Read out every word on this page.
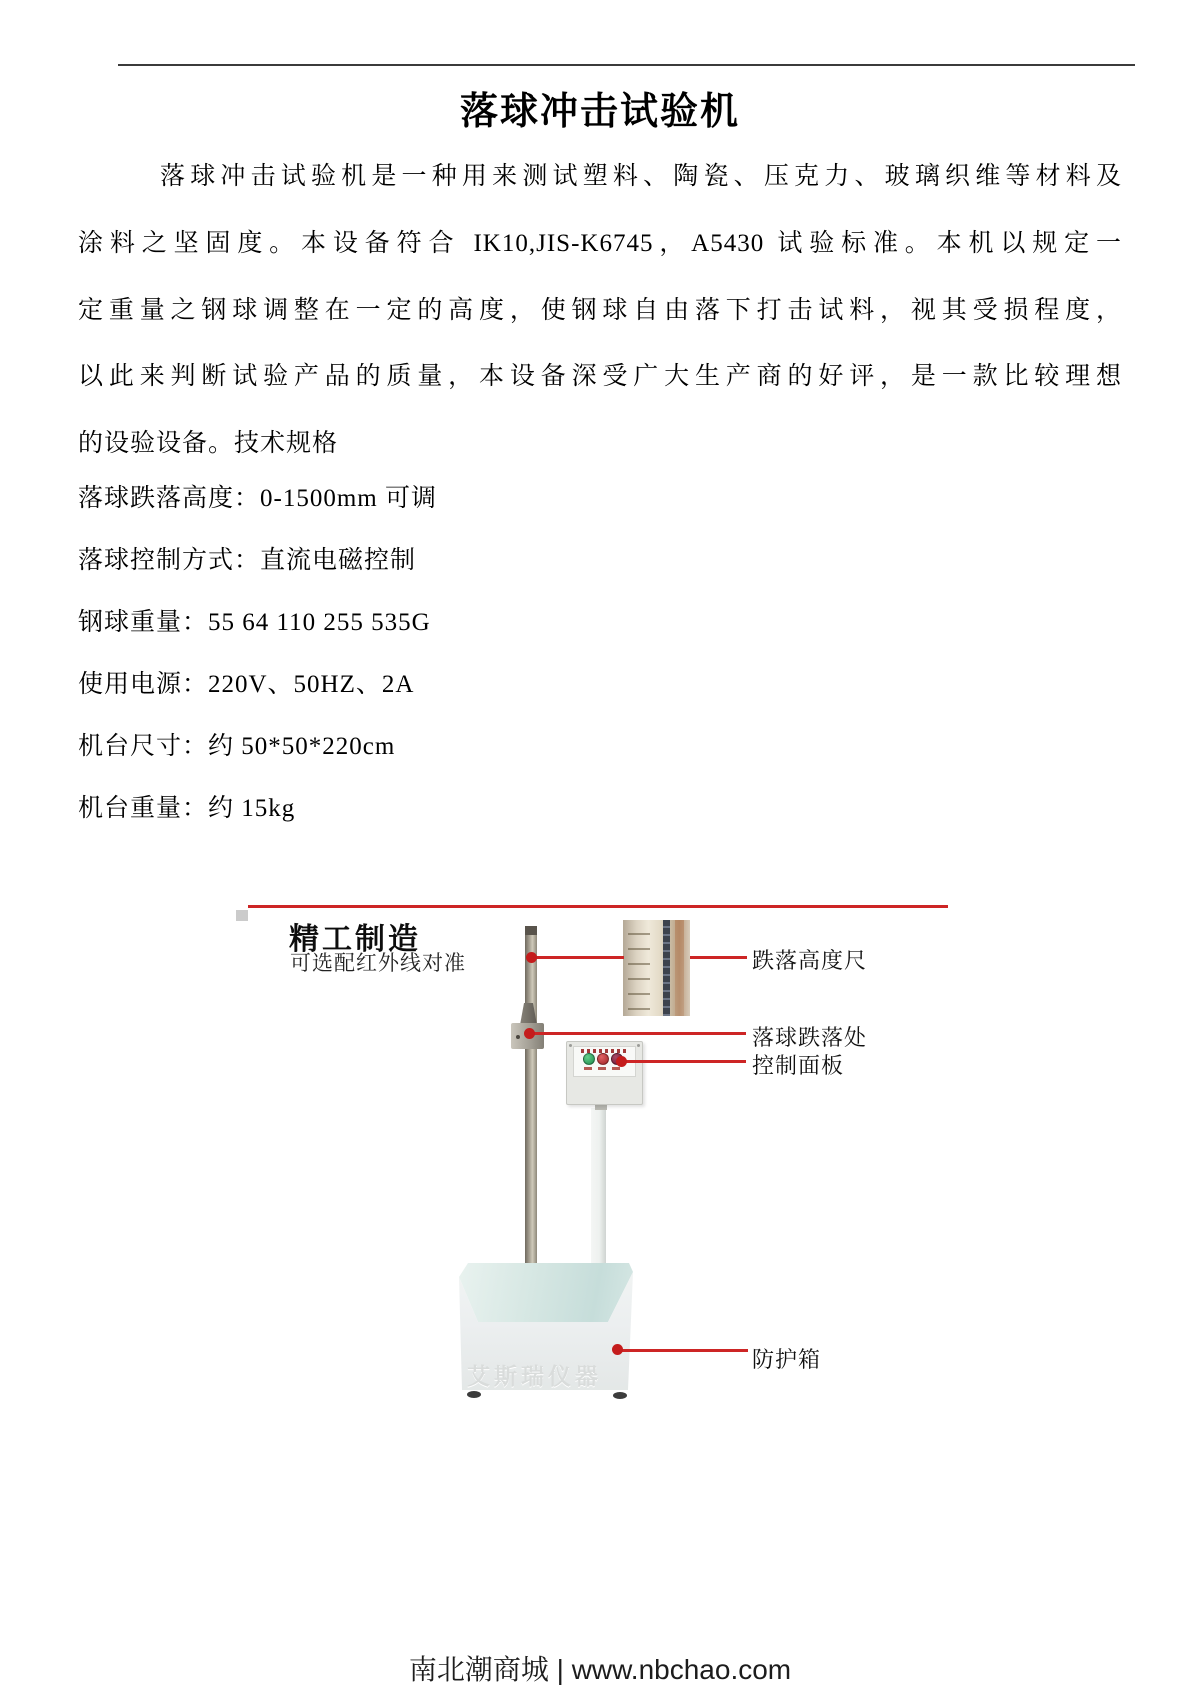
落球冲击试验机
落球冲击试验机是一种用来测试塑料、陶瓷、压克力、玻璃织维等材料及
涂料之坚固度。本设备符合 IK10,JIS-K6745，A5430 试验标准。本机以规定一
定重量之钢球调整在一定的高度，使钢球自由落下打击试料，视其受损程度，
以此来判断试验产品的质量，本设备深受广大生产商的好评，是一款比较理想
的设验设备。技术规格
落球跌落高度：0-1500mm 可调
落球控制方式：直流电磁控制
钢球重量：55 64 110 255 535G
使用电源：220V、50HZ、2A
机台尺寸：约 50*50*220cm
机台重量：约 15kg
精工制造
可选配红外线对准
艾斯瑞仪器
跌落高度尺
落球跌落处
控制面板
防护箱
南北潮商城 | www.nbchao.com
